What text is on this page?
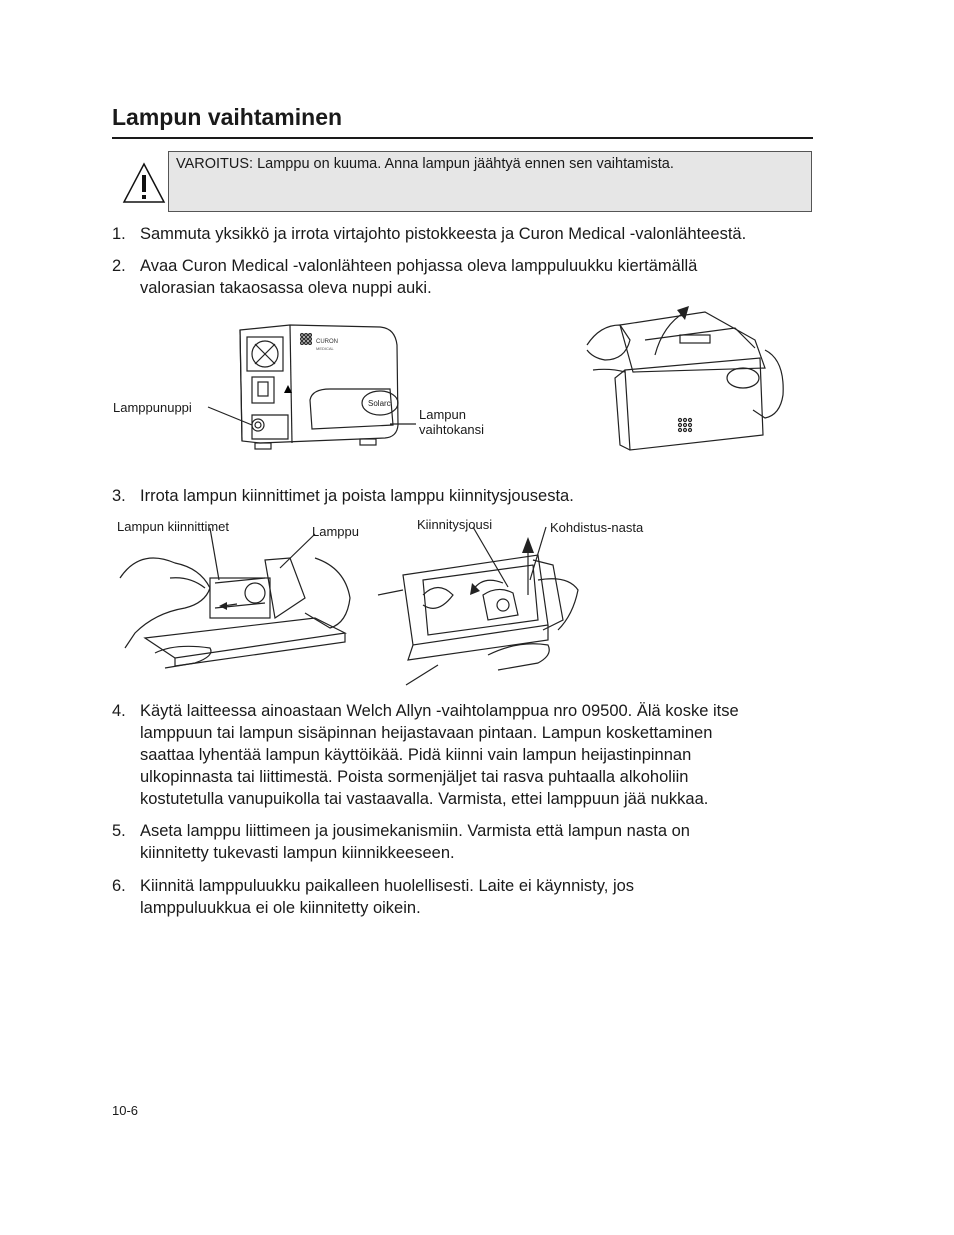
Lampun vaihtaminen
VAROITUS: Lamppu on kuuma. Anna lampun jäähtyä ennen sen vaihtamista.
1. Sammuta yksikkö ja irrota virtajohto pistokkeesta ja Curon Medical -valonlähteestä.
2. Avaa Curon Medical -valonlähteen pohjassa oleva lamppuluukku kiertämällä
valorasian takaosassa oleva nuppi auki.
Lamppunuppi	Lampun
vaihtokansi
Solarc
CURON
MEDICAL
3. Irrota lampun kiinnittimet ja poista lamppu kiinnitysjousesta.
Lampun kiinnittimet	Lamppu	Kiinnitysjousi	Kohdistus-nasta
4. Käytä laitteessa ainoastaan Welch Allyn -vaihtolamppua nro 09500. Älä koske itse
lamppuun tai lampun sisäpinnan heijastavaan pintaan. Lampun koskettaminen
saattaa lyhentää lampun käyttöikää. Pidä kiinni vain lampun heijastinpinnan
ulkopinnasta tai liittimestä. Poista sormenjäljet tai rasva puhtaalla alkoholiin
kostutetulla vanupuikolla tai vastaavalla. Varmista, ettei lamppuun jää nukkaa.
5. Aseta lamppu liittimeen ja jousimekanismiin. Varmista että lampun nasta on
kiinnitetty tukevasti lampun kiinnikkeeseen.
6. Kiinnitä lamppuluukku paikalleen huolellisesti. Laite ei käynnisty, jos
lamppuluukkua ei ole kiinnitetty oikein.
10-6
